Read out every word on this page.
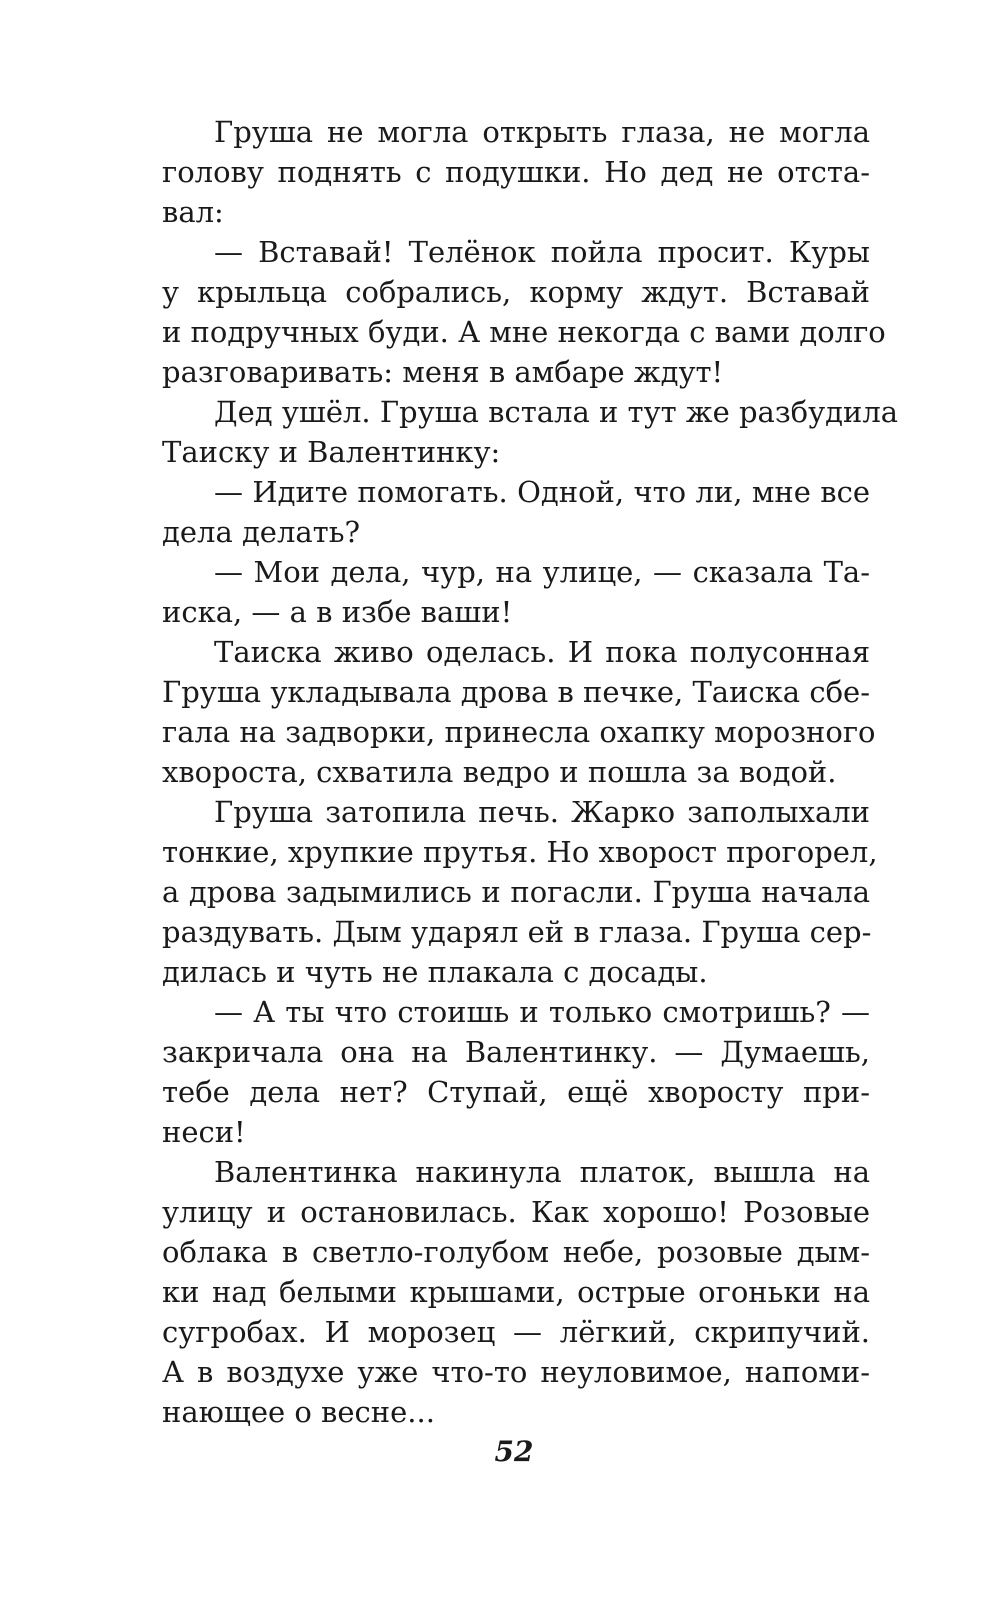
Груша не могла открыть глаза, не могла
голову поднять с подушки. Но дед не отста-
вал:
— Вставай! Телёнок пойла просит. Куры
у крыльца собрались, корму ждут. Вставай
и подручных буди. А мне некогда с вами долго
разговаривать: меня в амбаре ждут!
Дед ушёл. Груша встала и тут же разбудила
Таиску и Валентинку:
— Идите помогать. Одной, что ли, мне все
дела делать?
— Мои дела, чур, на улице, — сказала Та-
иска, — а в избе ваши!
Таиска живо оделась. И пока полусонная
Груша укладывала дрова в печке, Таиска сбе-
гала на задворки, принесла охапку морозного
хвороста, схватила ведро и пошла за водой.
Груша затопила печь. Жарко заполыхали
тонкие, хрупкие прутья. Но хворост прогорел,
а дрова задымились и погасли. Груша начала
раздувать. Дым ударял ей в глаза. Груша сер-
дилась и чуть не плакала с досады.
— А ты что стоишь и только смотришь? —
закричала она на Валентинку. — Думаешь,
тебе дела нет? Ступай, ещё хворосту при-
неси!
Валентинка накинула платок, вышла на
улицу и остановилась. Как хорошо! Розовые
облака в светло-голубом небе, розовые дым-
ки над белыми крышами, острые огоньки на
сугробах. И морозец — лёгкий, скрипучий.
А в воздухе уже что-то неуловимое, напоми-
нающее о весне...
52
